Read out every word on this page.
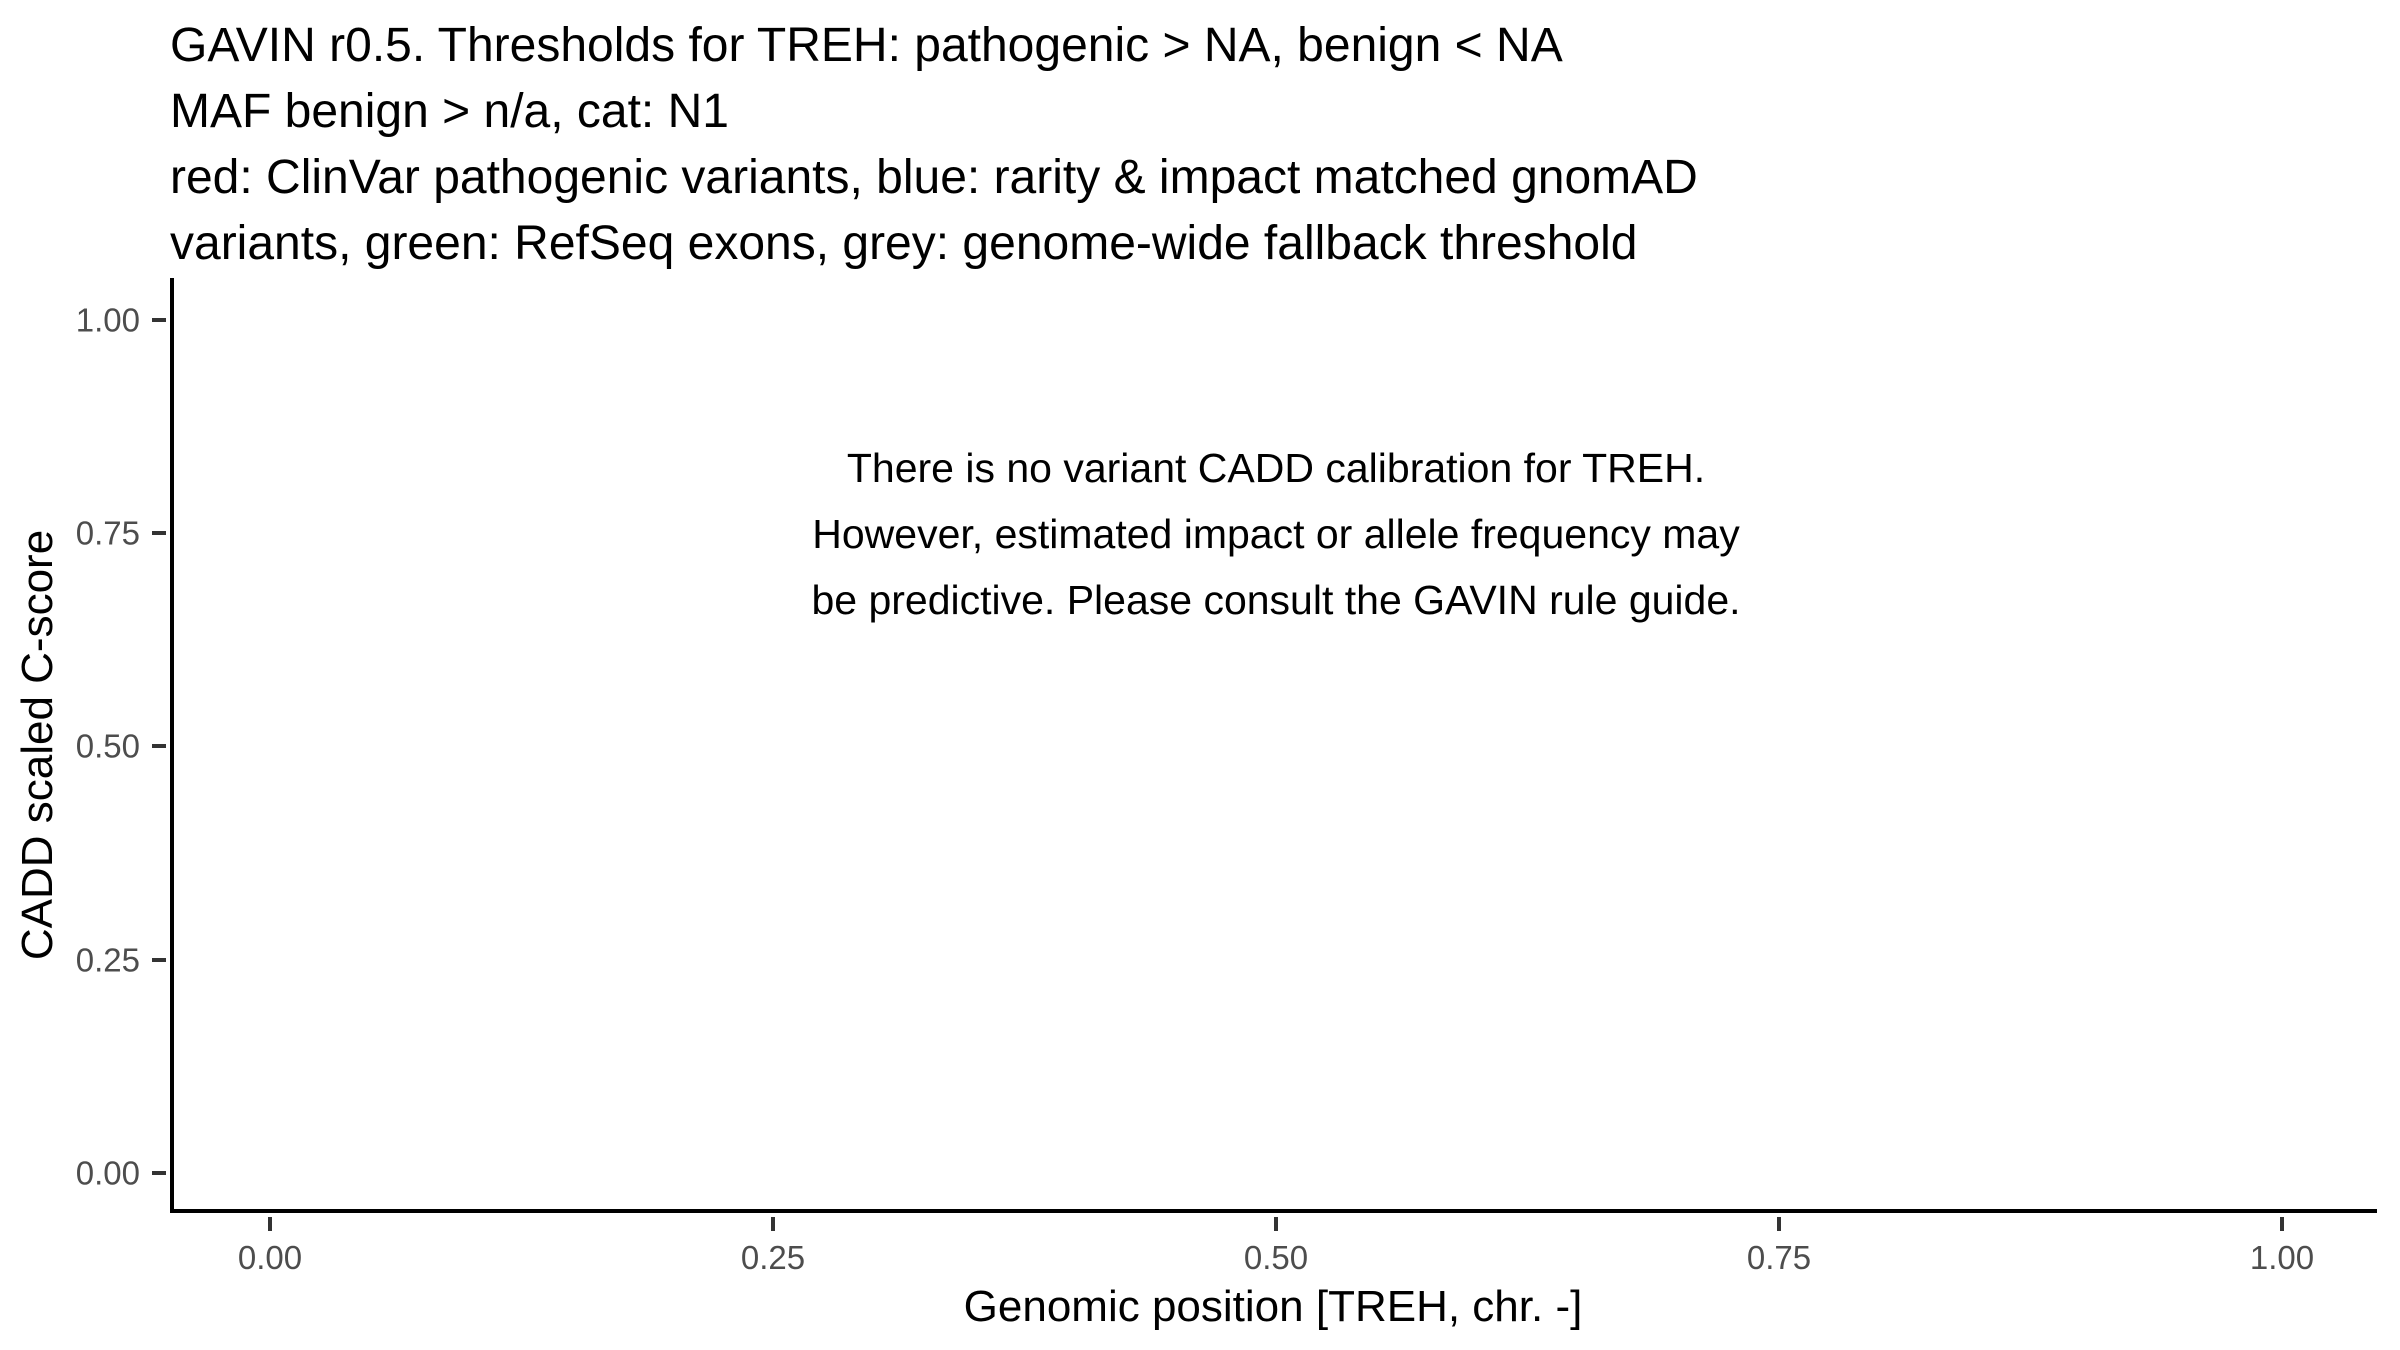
GAVIN r0.5. Thresholds for TREH: pathogenic > NA, benign < NA
MAF benign > n/a, cat: N1
red: ClinVar pathogenic variants, blue: rarity & impact matched gnomAD
variants, green: RefSeq exons, grey: genome-wide fallback threshold
CADD scaled C-score
There is no variant CADD calibration for TREH.
However, estimated impact or allele frequency may
be predictive. Please consult the GAVIN rule guide.
1.00
0.75
0.50
0.25
0.00
0.00	0.25	0.50	0.75	1.00
Genomic position [TREH, chr. -]
